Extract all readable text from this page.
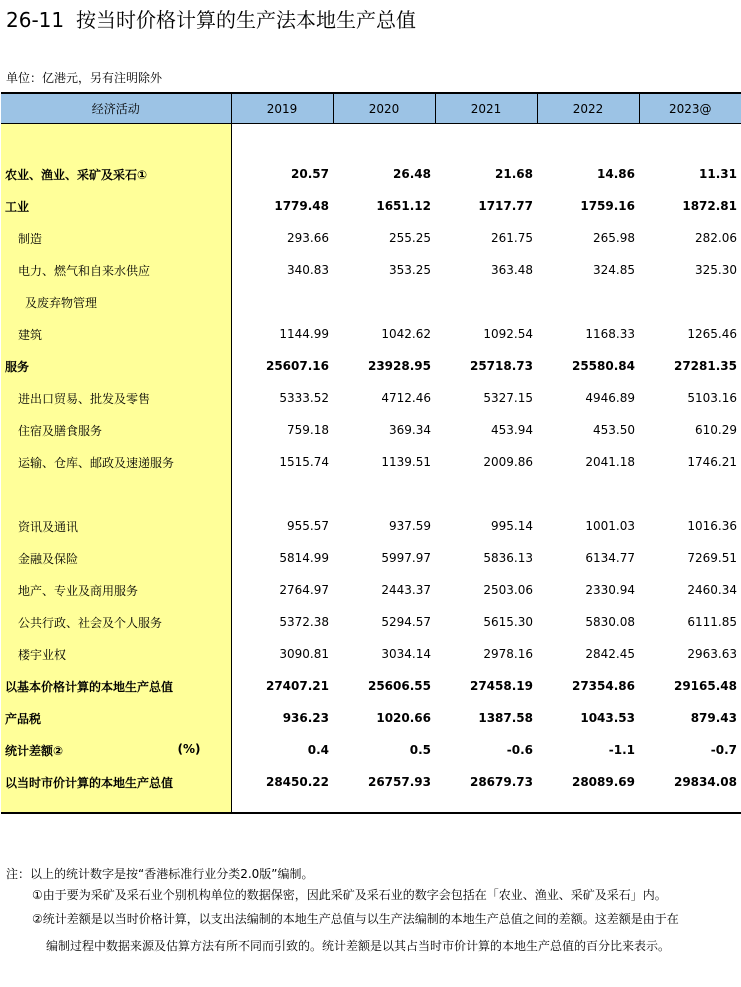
26-11 按当时价格计算的生产法本地生产总值
单位：亿港元，另有注明除外
经济活动	2019	2020	2021	2022	2023@

农业、渔业、采矿及采石①	20.57	26.48	21.68	14.86	11.31
工业	1779.48	1651.12	1717.77	1759.16	1872.81
制造	293.66	255.25	261.75	265.98	282.06
电力、燃气和自来水供应	340.83	353.25	363.48	324.85	325.30
及废弃物管理					
建筑	1144.99	1042.62	1092.54	1168.33	1265.46
服务	25607.16	23928.95	25718.73	25580.84	27281.35
进出口贸易、批发及零售	5333.52	4712.46	5327.15	4946.89	5103.16
住宿及膳食服务	759.18	369.34	453.94	453.50	610.29
运输、仓库、邮政及速递服务	1515.74	1139.51	2009.86	2041.18	1746.21

资讯及通讯	955.57	937.59	995.14	1001.03	1016.36
金融及保险	5814.99	5997.97	5836.13	6134.77	7269.51
地产、专业及商用服务	2764.97	2443.37	2503.06	2330.94	2460.34
公共行政、社会及个人服务	5372.38	5294.57	5615.30	5830.08	6111.85
楼宇业权	3090.81	3034.14	2978.16	2842.45	2963.63
以基本价格计算的本地生产总值	27407.21	25606.55	27458.19	27354.86	29165.48
产品税	936.23	1020.66	1387.58	1043.53	879.43
统计差额② (%)	0.4	0.5	-0.6	-1.1	-0.7
以当时市价计算的本地生产总值	28450.22	26757.93	28679.73	28089.69	29834.08

注：以上的统计数字是按“香港标准行业分类2.0版”编制。

①由于要为采矿及采石业个别机构单位的数据保密，因此采矿及采石业的数字会包括在「农业、渔业、采矿及采石」内。

②统计差额是以当时价格计算，以支出法编制的本地生产总值与以生产法编制的本地生产总值之间的差额。这差额是由于在

编制过程中数据来源及估算方法有所不同而引致的。统计差额是以其占当时市价计算的本地生产总值的百分比来表示。
